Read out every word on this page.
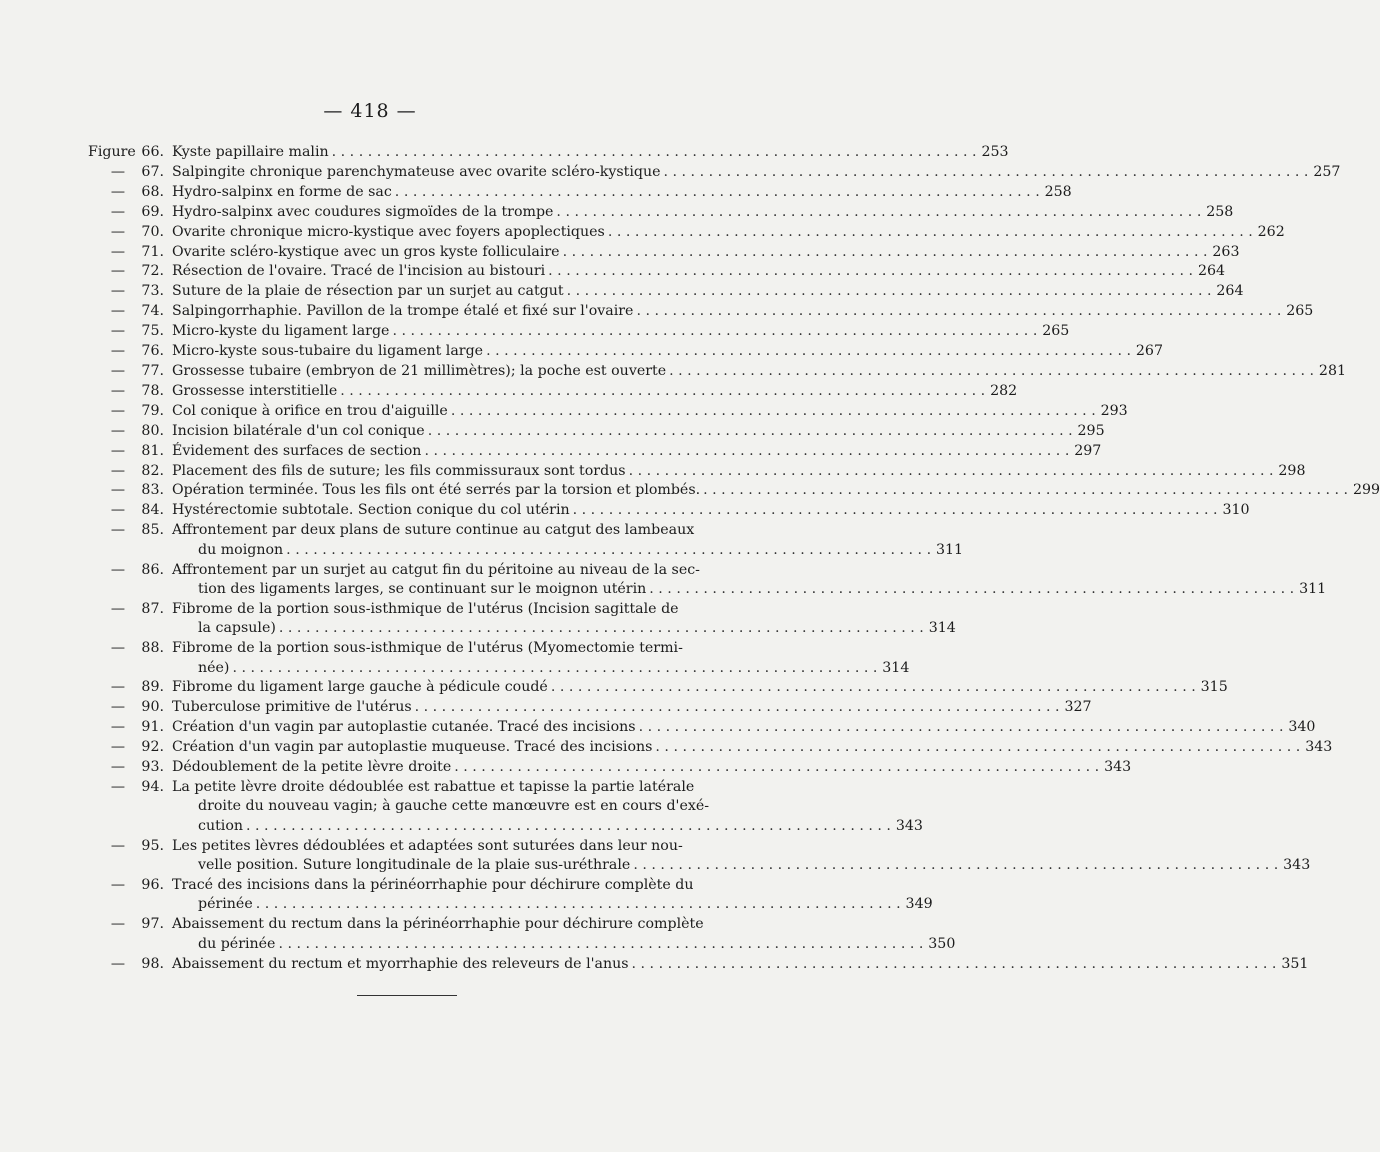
— 418 —
Figure 66. Kyste papillaire malin . . .	253
—	67. Salpingite chronique parenchymateuse avec ovarite scléro-kystique . . .	257
—	68. Hydro-salpinx en forme de sac . . .	258
—	69. Hydro-salpinx avec coudures sigmoïdes de la trompe . . .	258
—	70. Ovarite chronique micro-kystique avec foyers apoplectiques . . .	262
—	71. Ovarite scléro-kystique avec un gros kyste folliculaire . . .	263
—	72. Résection de l'ovaire. Tracé de l'incision au bistouri . . .	264
—	73. Suture de la plaie de résection par un surjet au catgut . . .	264
—	74. Salpingorrhaphie. Pavillon de la trompe étalé et fixé sur l'ovaire . . .	265
—	75. Micro-kyste du ligament large . . .	265
—	76. Micro-kyste sous-tubaire du ligament large . . .	267
—	77. Grossesse tubaire (embryon de 21 millimètres); la poche est ouverte . . .	281
—	78. Grossesse interstitielle . . .	282
—	79. Col conique à orifice en trou d'aiguille . . .	293
—	80. Incision bilatérale d'un col conique . . .	295
—	81. Évidement des surfaces de section . . .	297
—	82. Placement des fils de suture; les fils commissuraux sont tordus . . .	298
—	83. Opération terminée. Tous les fils ont été serrés par la torsion et plombés. . . .	299
—	84. Hystérectomie subtotale. Section conique du col utérin . . .	310
—	85. Affrontement par deux plans de suture continue au catgut des lambeaux
du moignon . . .	311
—	86. Affrontement par un surjet au catgut fin du péritoine au niveau de la sec-
tion des ligaments larges, se continuant sur le moignon utérin . . .	311
—	87. Fibrome de la portion sous-isthmique de l'utérus (Incision sagittale de
la capsule) . . .	314
—	88. Fibrome de la portion sous-isthmique de l'utérus (Myomectomie termi-
née) . . .	314
—	89. Fibrome du ligament large gauche à pédicule coudé . . .	315
—	90. Tuberculose primitive de l'utérus . . .	327
—	91. Création d'un vagin par autoplastie cutanée. Tracé des incisions . . .	340
—	92. Création d'un vagin par autoplastie muqueuse. Tracé des incisions . . .	343
—	93. Dédoublement de la petite lèvre droite . . .	343
—	94. La petite lèvre droite dédoublée est rabattue et tapisse la partie latérale
droite du nouveau vagin; à gauche cette manœuvre est en cours d'exé-
cution . . .	343
—	95. Les petites lèvres dédoublées et adaptées sont suturées dans leur nou-
velle position. Suture longitudinale de la plaie sus-uréthrale . . .	343
—	96. Tracé des incisions dans la périnéorrhaphie pour déchirure complète du
périnée . . .	349
—	97. Abaissement du rectum dans la périnéorrhaphie pour déchirure complète
du périnée . . .	350
—	98. Abaissement du rectum et myorrhaphie des releveurs de l'anus . . .	351
